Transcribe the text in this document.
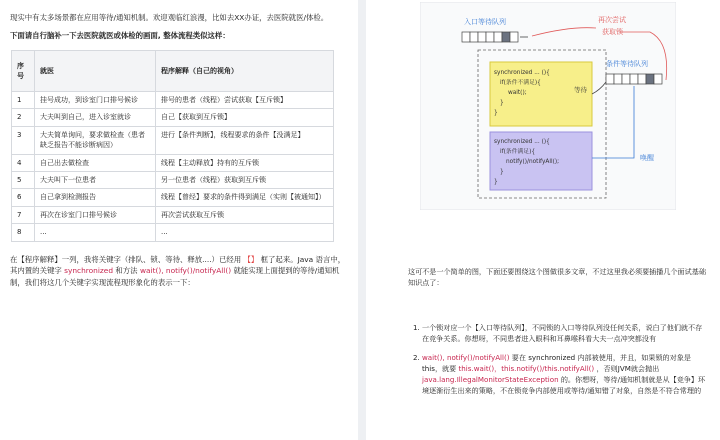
现实中有太多场景都在应用等待/通知机制。欢迎观临红浪漫，比如去XX办证，去医院就医/体检。

下面请自行脑补一下去医院就医或体检的画面, 整体流程类似这样：

序号	就医	程序解释（自己的视角）
1	挂号成功，到诊室门口排号候诊	排号的患者（线程）尝试获取【互斥锁】
2	大夫叫到自己，进入诊室就诊	自己【获取到互斥锁】
3	大夫简单询问，要求做检查（患者缺乏报告不能诊断病因）	进行【条件判断】，线程要求的条件【没满足】
4	自己出去做检查	线程【主动释放】持有的互斥锁
5	大夫叫下一位患者	另一位患者（线程）获取到互斥锁
6	自己拿到检测报告	线程【曾经】要求的条件得到满足（实则【被通知】）
7	再次在诊室门口排号候诊	再次尝试获取互斥锁
8	...	...

在【程序解释】一列，我将关键字（排队、锁、等待、释放....）已经用 【】 框了起来。Java 语言中，其内置的关键字 synchronized 和方法 wait(), notify()/notifyAll() 就能实现上面提到的等待/通知机制，我们将这几个关键字实现流程现形象化的表示一下：

入口等待队列
synchronized ... (){
if(条件不满足){
wait();
}
}
synchronized ... (){
if(条件满足){
notify()/notifyAll();
}
}
再次尝试
获取锁
条件等待队列
等待
唤醒
这可不是一个简单的图，下面还要围绕这个图做很多文章，不过这里我必须要插播几个面试基础知识点了：
1. 一个锁对应一个【入口等待队列】，不同锁的入口等待队列没任何关系，说白了他们就不存在竞争关系。你想呀，不同患者进入眼科和耳鼻喉科看大夫一点冲突都没有
2. wait(), notify()/notifyAll() 要在 synchronized 内部被使用，并且，如果锁的对象是this，就要 this.wait()，this.notify()/this.notifyAll() ，否则JVM就会抛出 java.lang.IllegalMonitorStateException 的。你想呀，等待/通知机制就是从【竞争】环境逐渐衍生出来的策略，不在锁竞争内部使用或等待/通知错了对象，自然是不符合常理的
